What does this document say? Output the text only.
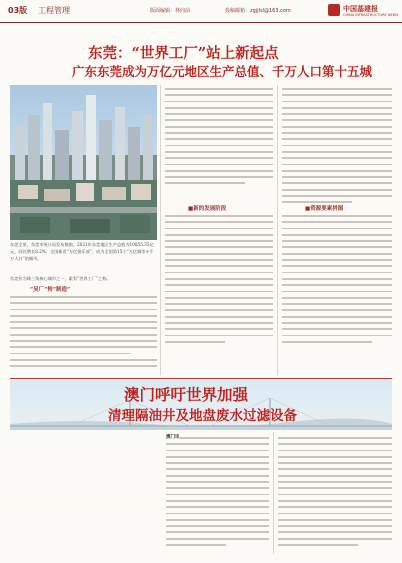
03版 工程管理	版面编辑：林向前	投稿邮箱：zgjjlsl@163.com	中国基建报
CHINA INFRASTRUCTURE NEWS
东莞：“世界工厂”站上新起点
广东东莞成为万亿元地区生产总值、千万人口第十五城
东莞全景。东莞市统计局发布数据，2021年东莞地区生产总值为10855.35亿元，同比增长8.2%，全国新晋“万亿俱乐部”，成为全国第15个“万亿城市+千万人口”的城市。
东莞作为珠三角核心城市之一，素有“世界工厂”之称。
“吴厂”转“制造”
■新的发展阶段	■资源要素拼图
澳门呼吁世界加强
清理隔油井及地盘废水过滤设备
澳门讯
